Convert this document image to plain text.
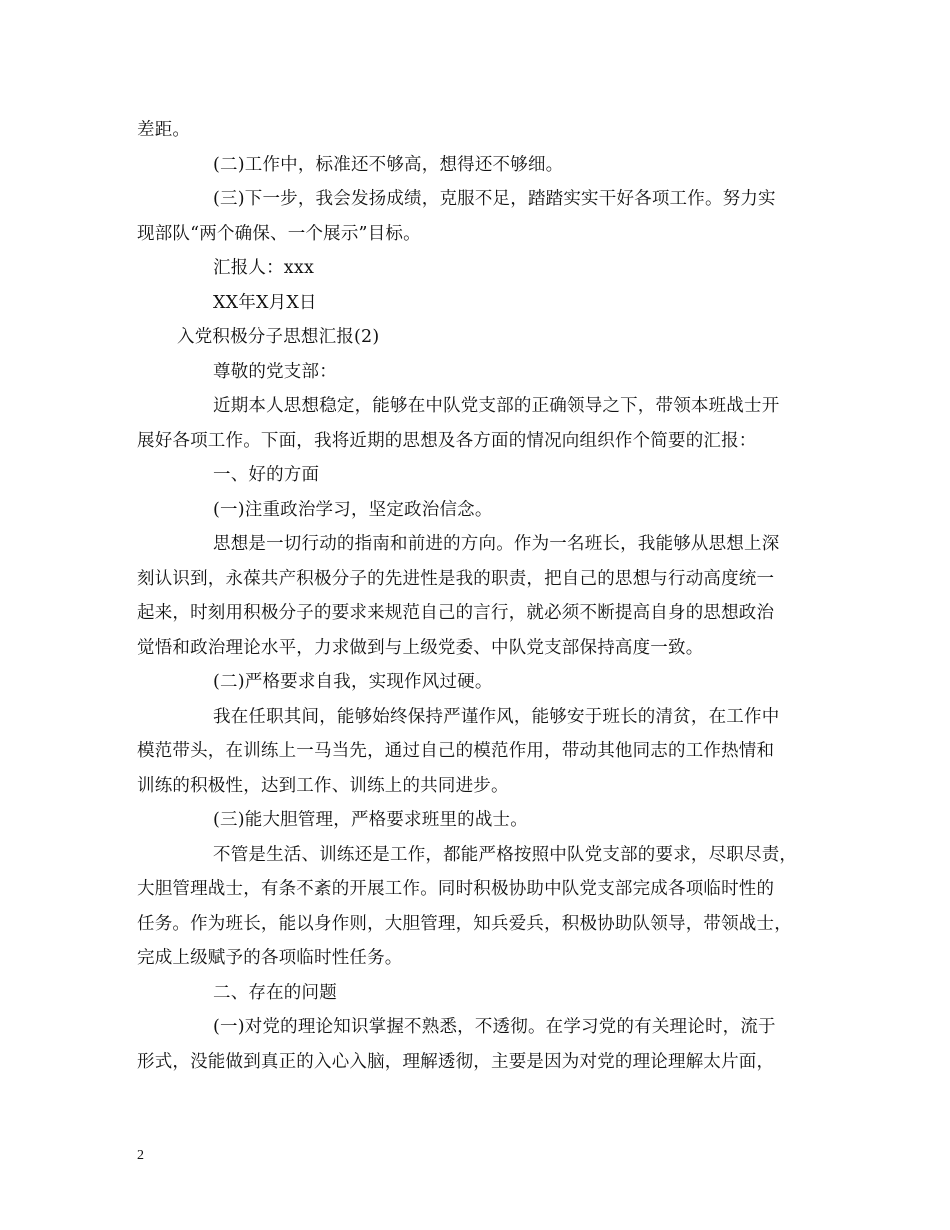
差距。
(二)工作中，标准还不够高，想得还不够细。
(三)下一步，我会发扬成绩，克服不足，踏踏实实干好各项工作。努力实
现部队“两个确保、一个展示”目标。
汇报人：xxx
XX年X月X日
入党积极分子思想汇报(2)
尊敬的党支部：
近期本人思想稳定，能够在中队党支部的正确领导之下，带领本班战士开
展好各项工作。下面，我将近期的思想及各方面的情况向组织作个简要的汇报：
一、好的方面
(一)注重政治学习，坚定政治信念。
思想是一切行动的指南和前进的方向。作为一名班长，我能够从思想上深
刻认识到，永葆共产积极分子的先进性是我的职责，把自己的思想与行动高度统一
起来，时刻用积极分子的要求来规范自己的言行，就必须不断提高自身的思想政治
觉悟和政治理论水平，力求做到与上级党委、中队党支部保持高度一致。
(二)严格要求自我，实现作风过硬。
我在任职其间，能够始终保持严谨作风，能够安于班长的清贫，在工作中
模范带头，在训练上一马当先，通过自己的模范作用，带动其他同志的工作热情和
训练的积极性，达到工作、训练上的共同进步。
(三)能大胆管理，严格要求班里的战士。
不管是生活、训练还是工作，都能严格按照中队党支部的要求，尽职尽责，
大胆管理战士，有条不紊的开展工作。同时积极协助中队党支部完成各项临时性的
任务。作为班长，能以身作则，大胆管理，知兵爱兵，积极协助队领导，带领战士，
完成上级赋予的各项临时性任务。
二、存在的问题
(一)对党的理论知识掌握不熟悉，不透彻。在学习党的有关理论时，流于
形式，没能做到真正的入心入脑，理解透彻，主要是因为对党的理论理解太片面，
2
